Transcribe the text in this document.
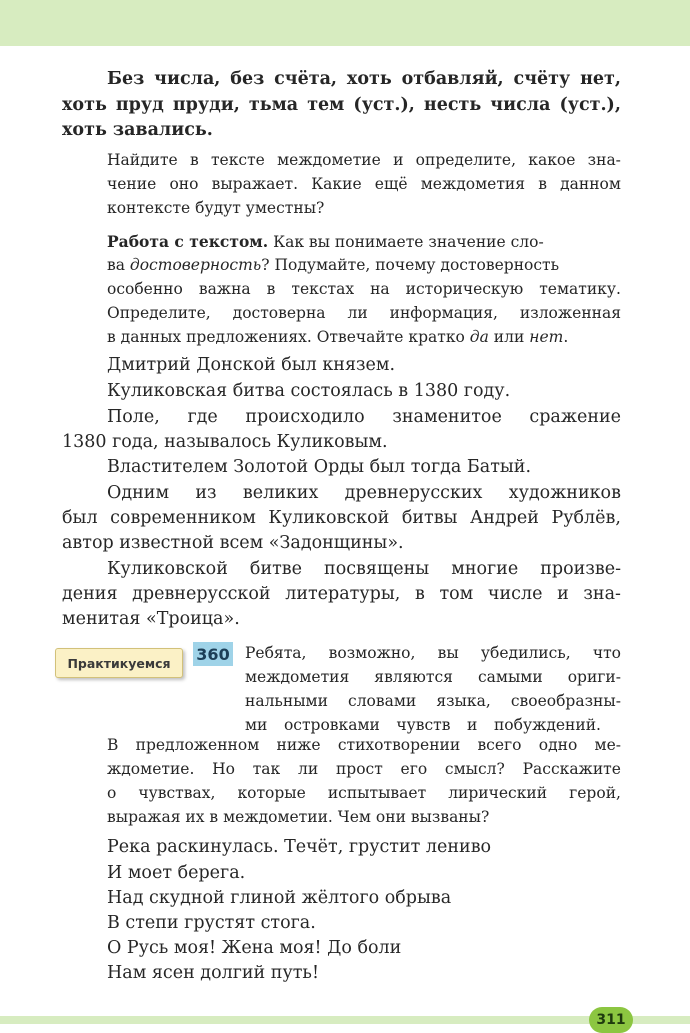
Без числа, без счёта, хоть отбавляй, счёту нет,
хоть пруд пруди, тьма тем (уст.), несть числа (уст.),
хоть завались.
Найдите в тексте междометие и определите, какое зна-
чение оно выражает. Какие ещё междометия в данном
контексте будут уместны?
Работа с текстом. Как вы понимаете значение сло-
ва достоверность? Подумайте, почему достоверность
особенно важна в текстах на историческую тематику.
Определите, достоверна ли информация, изложенная
в данных предложениях. Отвечайте кратко да или нет.
Дмитрий Донской был князем.
Куликовская битва состоялась в 1380 году.
Поле, где происходило знаменитое сражение
1380 года, называлось Куликовым.
Властителем Золотой Орды был тогда Батый.
Одним из великих древнерусских художников
был современником Куликовской битвы Андрей Рублёв,
автор известной всем «Задонщины».
Куликовской битве посвящены многие произве-
дения древнерусской литературы, в том числе и зна-
менитая «Троица».
Практикуемся	360 Ребята, возможно, вы убедились, что
междометия являются самыми ориги-
нальными словами языка, своеобразны-
ми островками чувств и побуждений.
В предложенном ниже стихотворении всего одно ме-
ждометие. Но так ли прост его смысл? Расскажите
о чувствах, которые испытывает лирический герой,
выражая их в междометии. Чем они вызваны?
Река раскинулась. Течёт, грустит лениво
И моет берега.
Над скудной глиной жёлтого обрыва
В степи грустят стога.
О Русь моя! Жена моя! До боли
Нам ясен долгий путь!
311
